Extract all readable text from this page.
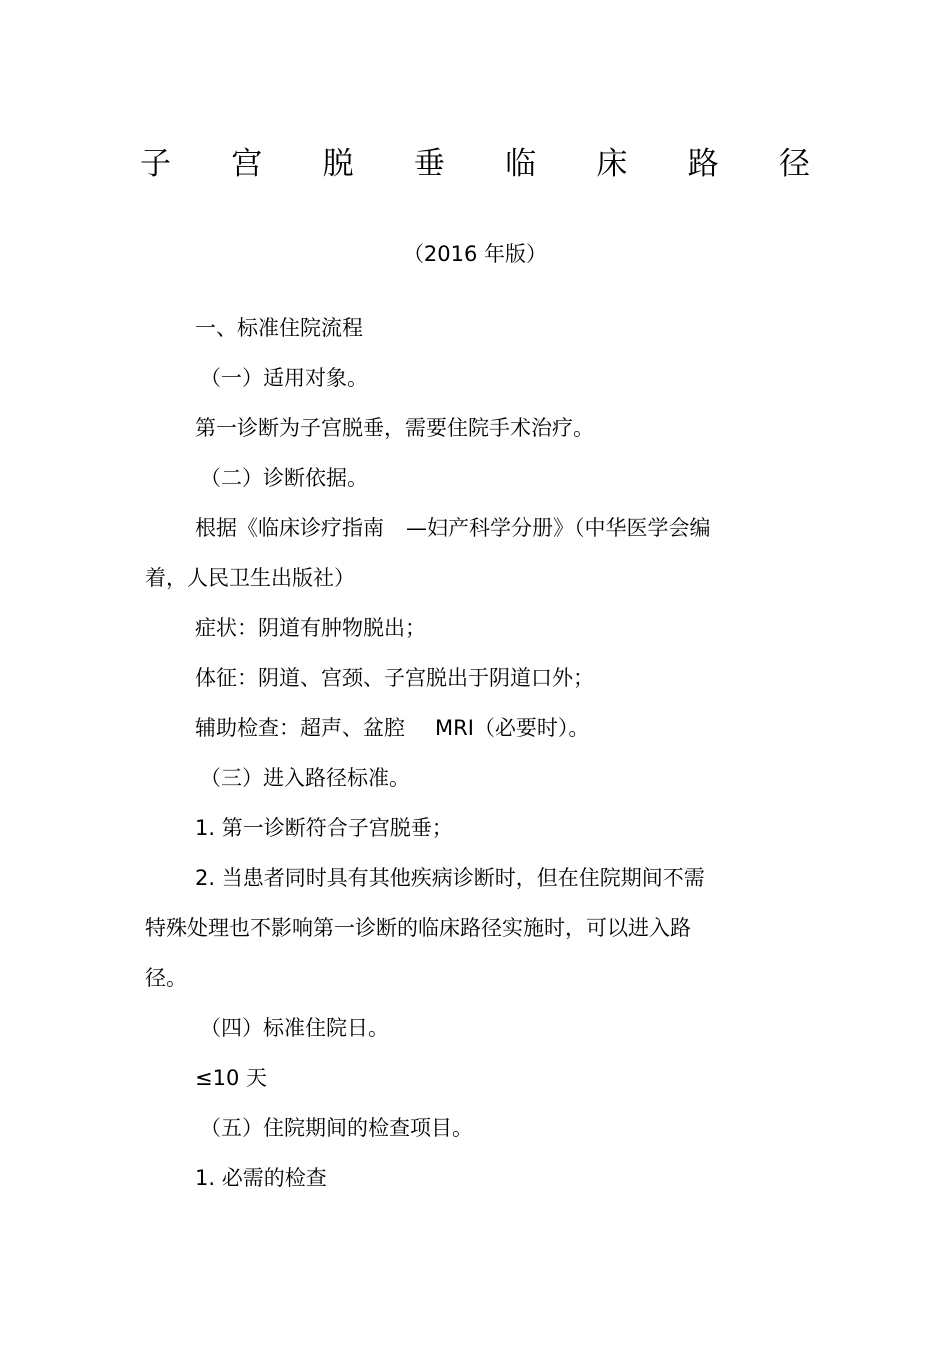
子 宫 脱 垂 临 床 路 径
（2016 年版）
一、标准住院流程
（一）适用对象。
第一诊断为子宫脱垂，需要住院手术治疗。
（二）诊断依据。
根据《临床诊疗指南 —妇产科学分册》（中华医学会编
着，人民卫生出版社）
症状：阴道有肿物脱出；
体征：阴道、宫颈、子宫脱出于阴道口外；
辅助检查：超声、盆腔 MRI（必要时）。
（三）进入路径标准。
1. 第一诊断符合子宫脱垂；
2. 当患者同时具有其他疾病诊断时，但在住院期间不需
特殊处理也不影响第一诊断的临床路径实施时，可以进入路
径。
（四）标准住院日。
≤10 天
（五）住院期间的检查项目。
1. 必需的检查
